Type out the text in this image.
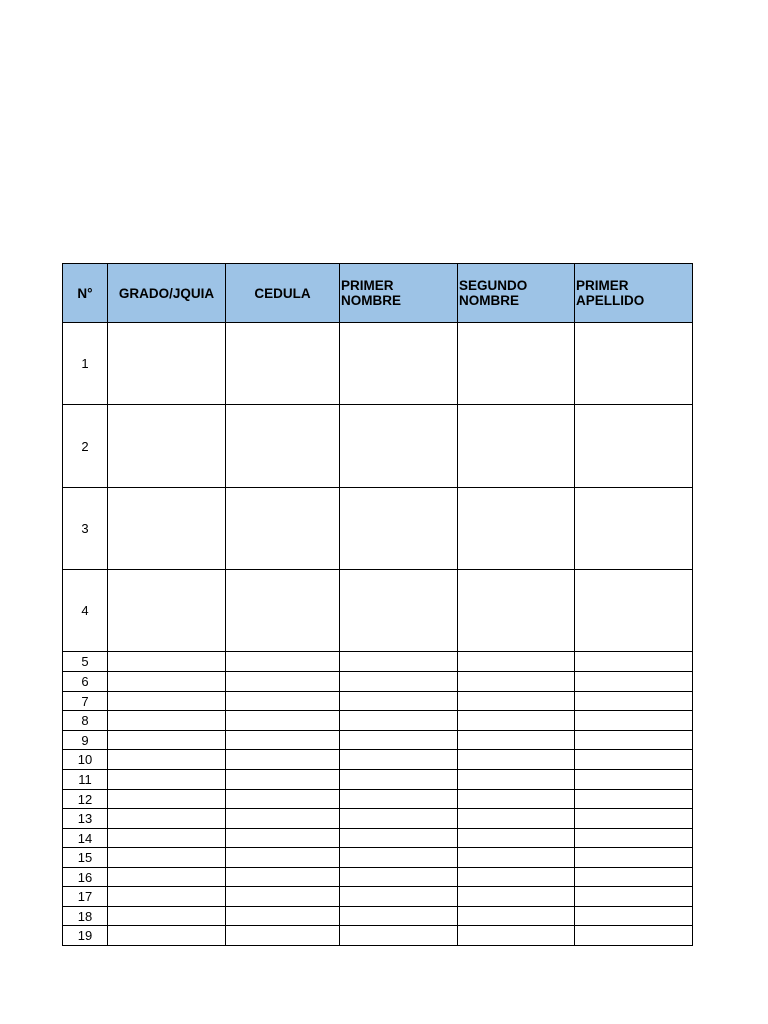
N° GRADO/JQUIA	CEDULA PRIMER
NOMBRE
SEGUNDO
NOMBRE
PRIMER
APELLIDO
1
2
3
4
5
6
7
8
9
10
11
12
13
14
15
16
17
18
19
